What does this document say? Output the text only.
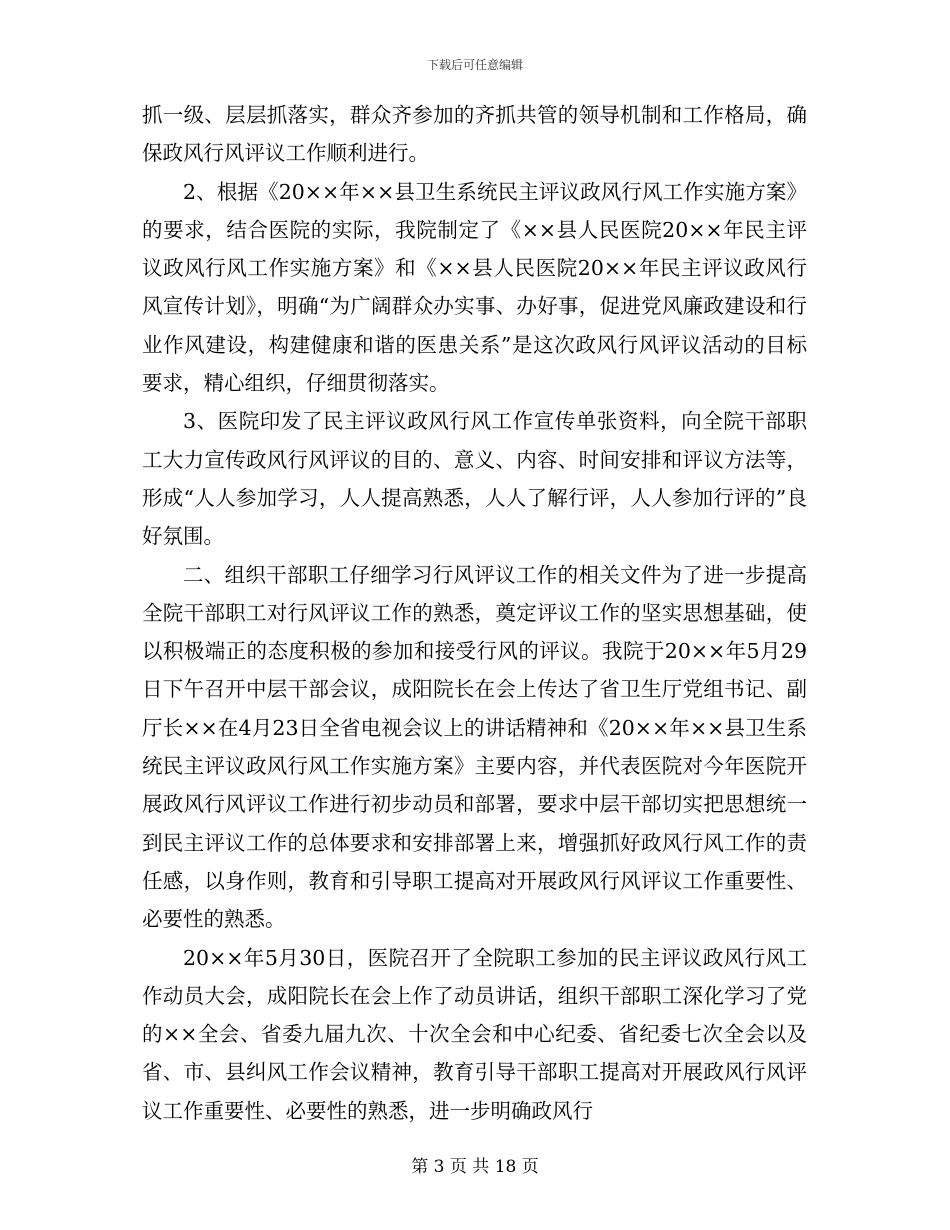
下载后可任意编辑

抓一级、层层抓落实，群众齐参加的齐抓共管的领导机制和工作格局，确保政风行风评议工作顺利进行。

2、根据《20××年××县卫生系统民主评议政风行风工作实施方案》的要求，结合医院的实际，我院制定了《××县人民医院20××年民主评议政风行风工作实施方案》和《××县人民医院20××年民主评议政风行风宣传计划》，明确“为广阔群众办实事、办好事，促进党风廉政建设和行业作风建设，构建健康和谐的医患关系”是这次政风行风评议活动的目标要求，精心组织，仔细贯彻落实。

3、医院印发了民主评议政风行风工作宣传单张资料，向全院干部职工大力宣传政风行风评议的目的、意义、内容、时间安排和评议方法等，形成“人人参加学习，人人提高熟悉，人人了解行评，人人参加行评的”良好氛围。

二、组织干部职工仔细学习行风评议工作的相关文件为了进一步提高全院干部职工对行风评议工作的熟悉，奠定评议工作的坚实思想基础，使以积极端正的态度积极的参加和接受行风的评议。我院于20××年5月29日下午召开中层干部会议，成阳院长在会上传达了省卫生厅党组书记、副厅长××在4月23日全省电视会议上的讲话精神和《20××年××县卫生系统民主评议政风行风工作实施方案》主要内容，并代表医院对今年医院开展政风行风评议工作进行初步动员和部署，要求中层干部切实把思想统一到民主评议工作的总体要求和安排部署上来，增强抓好政风行风工作的责任感，以身作则，教育和引导职工提高对开展政风行风评议工作重要性、必要性的熟悉。

20××年5月30日，医院召开了全院职工参加的民主评议政风行风工作动员大会，成阳院长在会上作了动员讲话，组织干部职工深化学习了党的××全会、省委九届九次、十次全会和中心纪委、省纪委七次全会以及省、市、县纠风工作会议精神，教育引导干部职工提高对开展政风行风评议工作重要性、必要性的熟悉，进一步明确政风行

第 3 页 共 18 页
